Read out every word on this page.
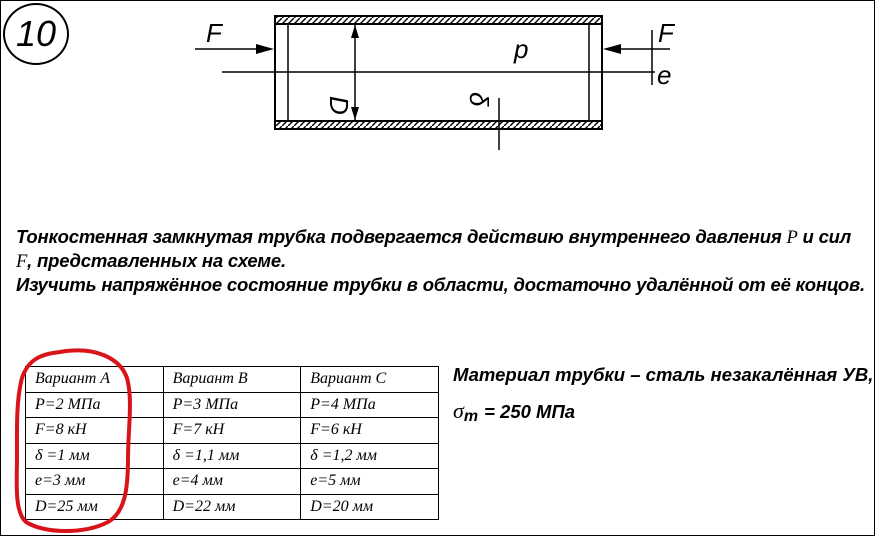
10	F	F
p
e
D	δ
Тонкостенная замкнутая трубка подвергается действию внутреннего давления P и сил
F, представленных на схеме.
Изучить напряжённое состояние трубки в области, достаточно удалённой от её концов.
Вариант А	Вариант В	Вариант С
P=2 МПа	P=3 МПа	P=4 МПа
F=8 кН	F=7 кН	F=6 кН
δ =1 мм	δ =1,1 мм	δ =1,2 мм
e=3 мм	e=4 мм	e=5 мм
D=25 мм	D=22 мм	D=20 мм
Материал трубки – сталь незакалённая УВ,
σт = 250 МПа
